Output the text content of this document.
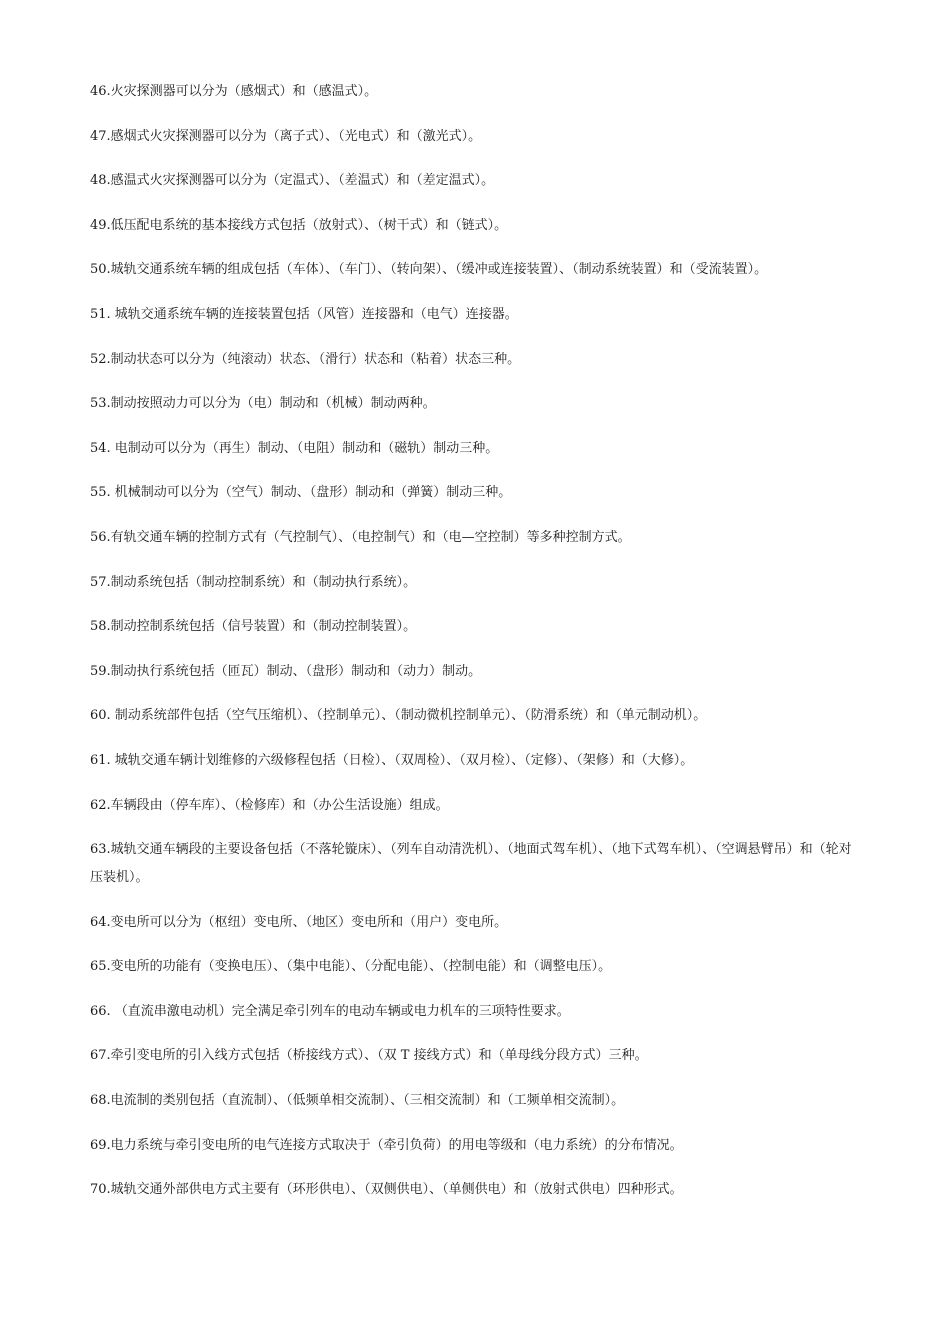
46.火灾探测器可以分为（感烟式）和（感温式）。

47.感烟式火灾探测器可以分为（离子式）、（光电式）和（激光式）。

48.感温式火灾探测器可以分为（定温式）、（差温式）和（差定温式）。

49.低压配电系统的基本接线方式包括（放射式）、（树干式）和（链式）。

50.城轨交通系统车辆的组成包括（车体）、（车门）、（转向架）、（缓冲或连接装置）、（制动系统装置）和（受流装置）。

51. 城轨交通系统车辆的连接装置包括（风管）连接器和（电气）连接器。

52.制动状态可以分为（纯滚动）状态、（滑行）状态和（粘着）状态三种。

53.制动按照动力可以分为（电）制动和（机械）制动两种。

54. 电制动可以分为（再生）制动、（电阻）制动和（磁轨）制动三种。

55. 机械制动可以分为（空气）制动、（盘形）制动和（弹簧）制动三种。

56.有轨交通车辆的控制方式有（气控制气）、（电控制气）和（电—空控制）等多种控制方式。

57.制动系统包括（制动控制系统）和（制动执行系统）。

58.制动控制系统包括（信号装置）和（制动控制装置）。

59.制动执行系统包括（匝瓦）制动、（盘形）制动和（动力）制动。

60. 制动系统部件包括（空气压缩机）、（控制单元）、（制动微机控制单元）、（防滑系统）和（单元制动机）。

61. 城轨交通车辆计划维修的六级修程包括（日检）、（双周检）、（双月检）、（定修）、（架修）和（大修）。

62.车辆段由（停车库）、（检修库）和（办公生活设施）组成。

63.城轨交通车辆段的主要设备包括（不落轮镟床）、（列车自动清洗机）、（地面式驾车机）、（地下式驾车机）、（空调悬臂吊）和（轮对压装机）。

64.变电所可以分为（枢纽）变电所、（地区）变电所和（用户）变电所。

65.变电所的功能有（变换电压）、（集中电能）、（分配电能）、（控制电能）和（调整电压）。

66. （直流串激电动机）完全满足牵引列车的电动车辆或电力机车的三项特性要求。

67.牵引变电所的引入线方式包括（桥接线方式）、（双 T 接线方式）和（单母线分段方式）三种。

68.电流制的类别包括（直流制）、（低频单相交流制）、（三相交流制）和（工频单相交流制）。

69.电力系统与牵引变电所的电气连接方式取决于（牵引负荷）的用电等级和（电力系统）的分布情况。

70.城轨交通外部供电方式主要有（环形供电）、（双侧供电）、（单侧供电）和（放射式供电）四种形式。
